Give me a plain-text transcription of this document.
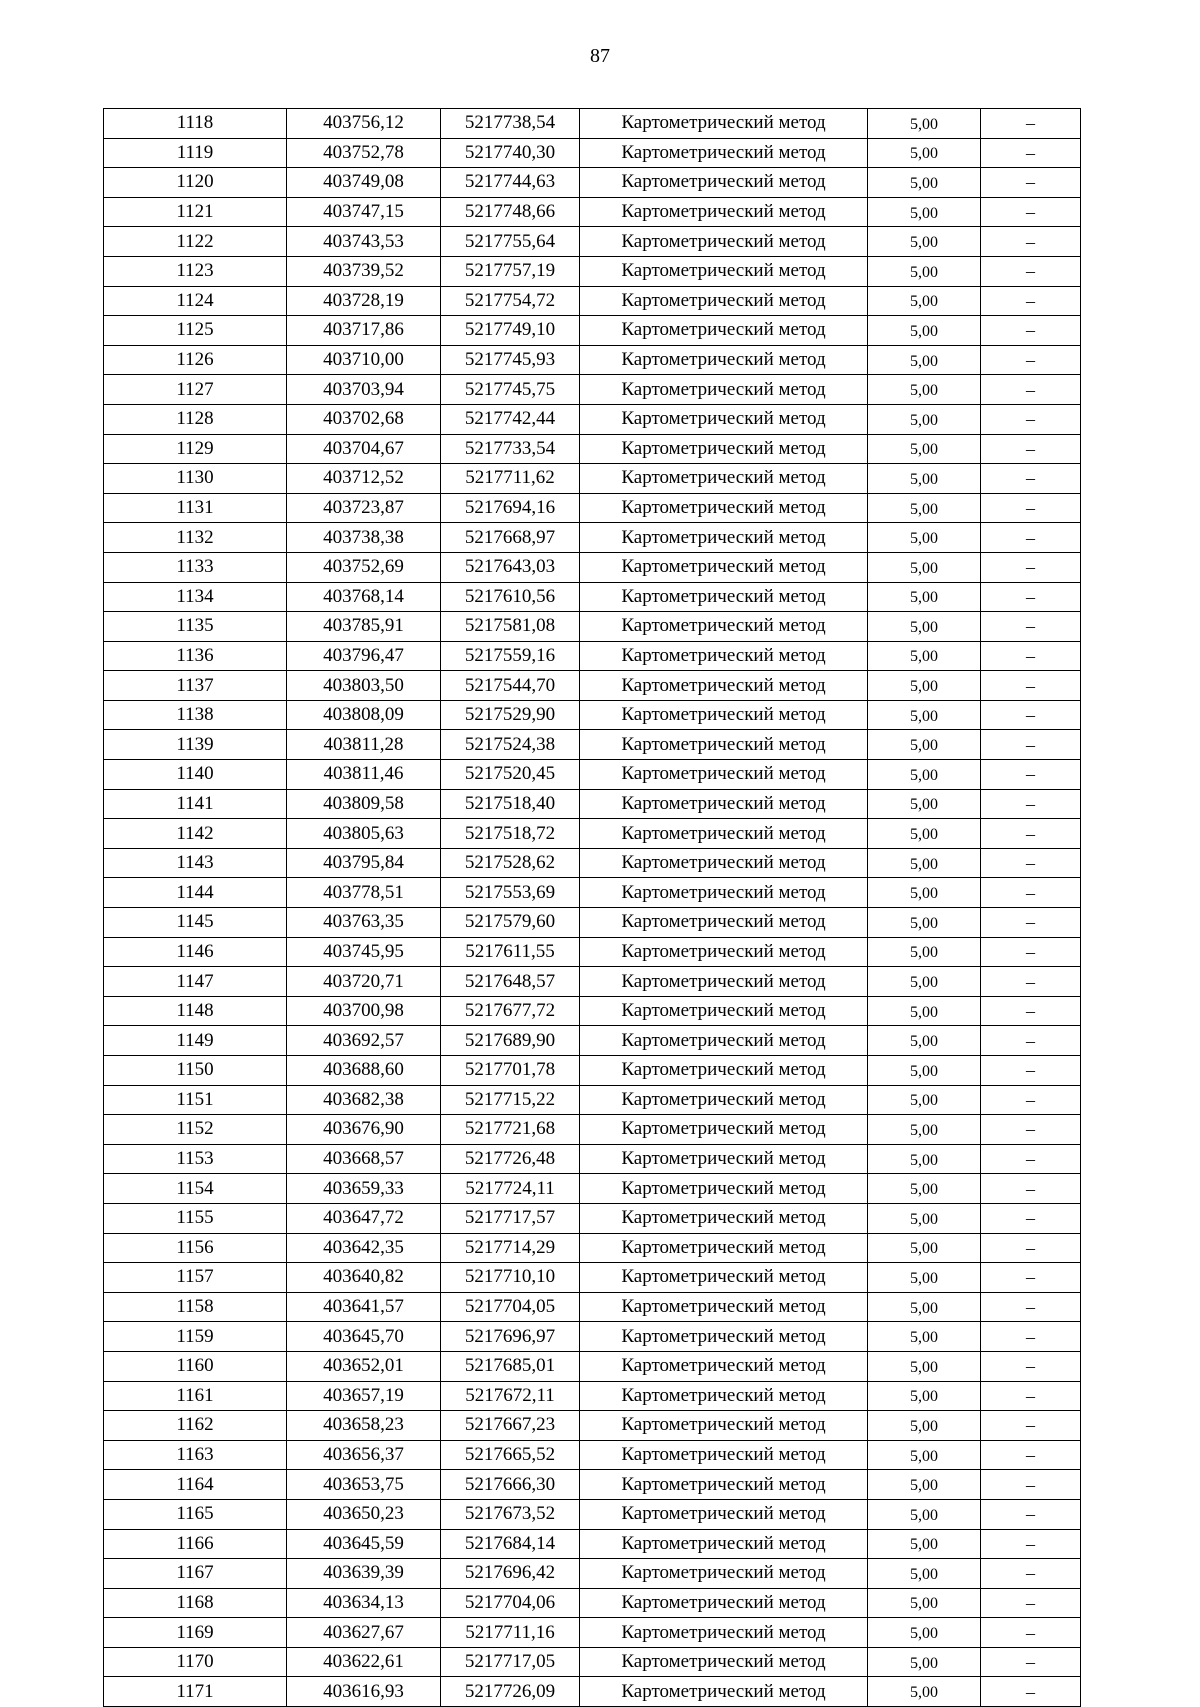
87
1118	403756,12	5217738,54	Картометрический метод	5,00	–
1119	403752,78	5217740,30	Картометрический метод	5,00	–
1120	403749,08	5217744,63	Картометрический метод	5,00	–
1121	403747,15	5217748,66	Картометрический метод	5,00	–
1122	403743,53	5217755,64	Картометрический метод	5,00	–
1123	403739,52	5217757,19	Картометрический метод	5,00	–
1124	403728,19	5217754,72	Картометрический метод	5,00	–
1125	403717,86	5217749,10	Картометрический метод	5,00	–
1126	403710,00	5217745,93	Картометрический метод	5,00	–
1127	403703,94	5217745,75	Картометрический метод	5,00	–
1128	403702,68	5217742,44	Картометрический метод	5,00	–
1129	403704,67	5217733,54	Картометрический метод	5,00	–
1130	403712,52	5217711,62	Картометрический метод	5,00	–
1131	403723,87	5217694,16	Картометрический метод	5,00	–
1132	403738,38	5217668,97	Картометрический метод	5,00	–
1133	403752,69	5217643,03	Картометрический метод	5,00	–
1134	403768,14	5217610,56	Картометрический метод	5,00	–
1135	403785,91	5217581,08	Картометрический метод	5,00	–
1136	403796,47	5217559,16	Картометрический метод	5,00	–
1137	403803,50	5217544,70	Картометрический метод	5,00	–
1138	403808,09	5217529,90	Картометрический метод	5,00	–
1139	403811,28	5217524,38	Картометрический метод	5,00	–
1140	403811,46	5217520,45	Картометрический метод	5,00	–
1141	403809,58	5217518,40	Картометрический метод	5,00	–
1142	403805,63	5217518,72	Картометрический метод	5,00	–
1143	403795,84	5217528,62	Картометрический метод	5,00	–
1144	403778,51	5217553,69	Картометрический метод	5,00	–
1145	403763,35	5217579,60	Картометрический метод	5,00	–
1146	403745,95	5217611,55	Картометрический метод	5,00	–
1147	403720,71	5217648,57	Картометрический метод	5,00	–
1148	403700,98	5217677,72	Картометрический метод	5,00	–
1149	403692,57	5217689,90	Картометрический метод	5,00	–
1150	403688,60	5217701,78	Картометрический метод	5,00	–
1151	403682,38	5217715,22	Картометрический метод	5,00	–
1152	403676,90	5217721,68	Картометрический метод	5,00	–
1153	403668,57	5217726,48	Картометрический метод	5,00	–
1154	403659,33	5217724,11	Картометрический метод	5,00	–
1155	403647,72	5217717,57	Картометрический метод	5,00	–
1156	403642,35	5217714,29	Картометрический метод	5,00	–
1157	403640,82	5217710,10	Картометрический метод	5,00	–
1158	403641,57	5217704,05	Картометрический метод	5,00	–
1159	403645,70	5217696,97	Картометрический метод	5,00	–
1160	403652,01	5217685,01	Картометрический метод	5,00	–
1161	403657,19	5217672,11	Картометрический метод	5,00	–
1162	403658,23	5217667,23	Картометрический метод	5,00	–
1163	403656,37	5217665,52	Картометрический метод	5,00	–
1164	403653,75	5217666,30	Картометрический метод	5,00	–
1165	403650,23	5217673,52	Картометрический метод	5,00	–
1166	403645,59	5217684,14	Картометрический метод	5,00	–
1167	403639,39	5217696,42	Картометрический метод	5,00	–
1168	403634,13	5217704,06	Картометрический метод	5,00	–
1169	403627,67	5217711,16	Картометрический метод	5,00	–
1170	403622,61	5217717,05	Картометрический метод	5,00	–
1171	403616,93	5217726,09	Картометрический метод	5,00	–
